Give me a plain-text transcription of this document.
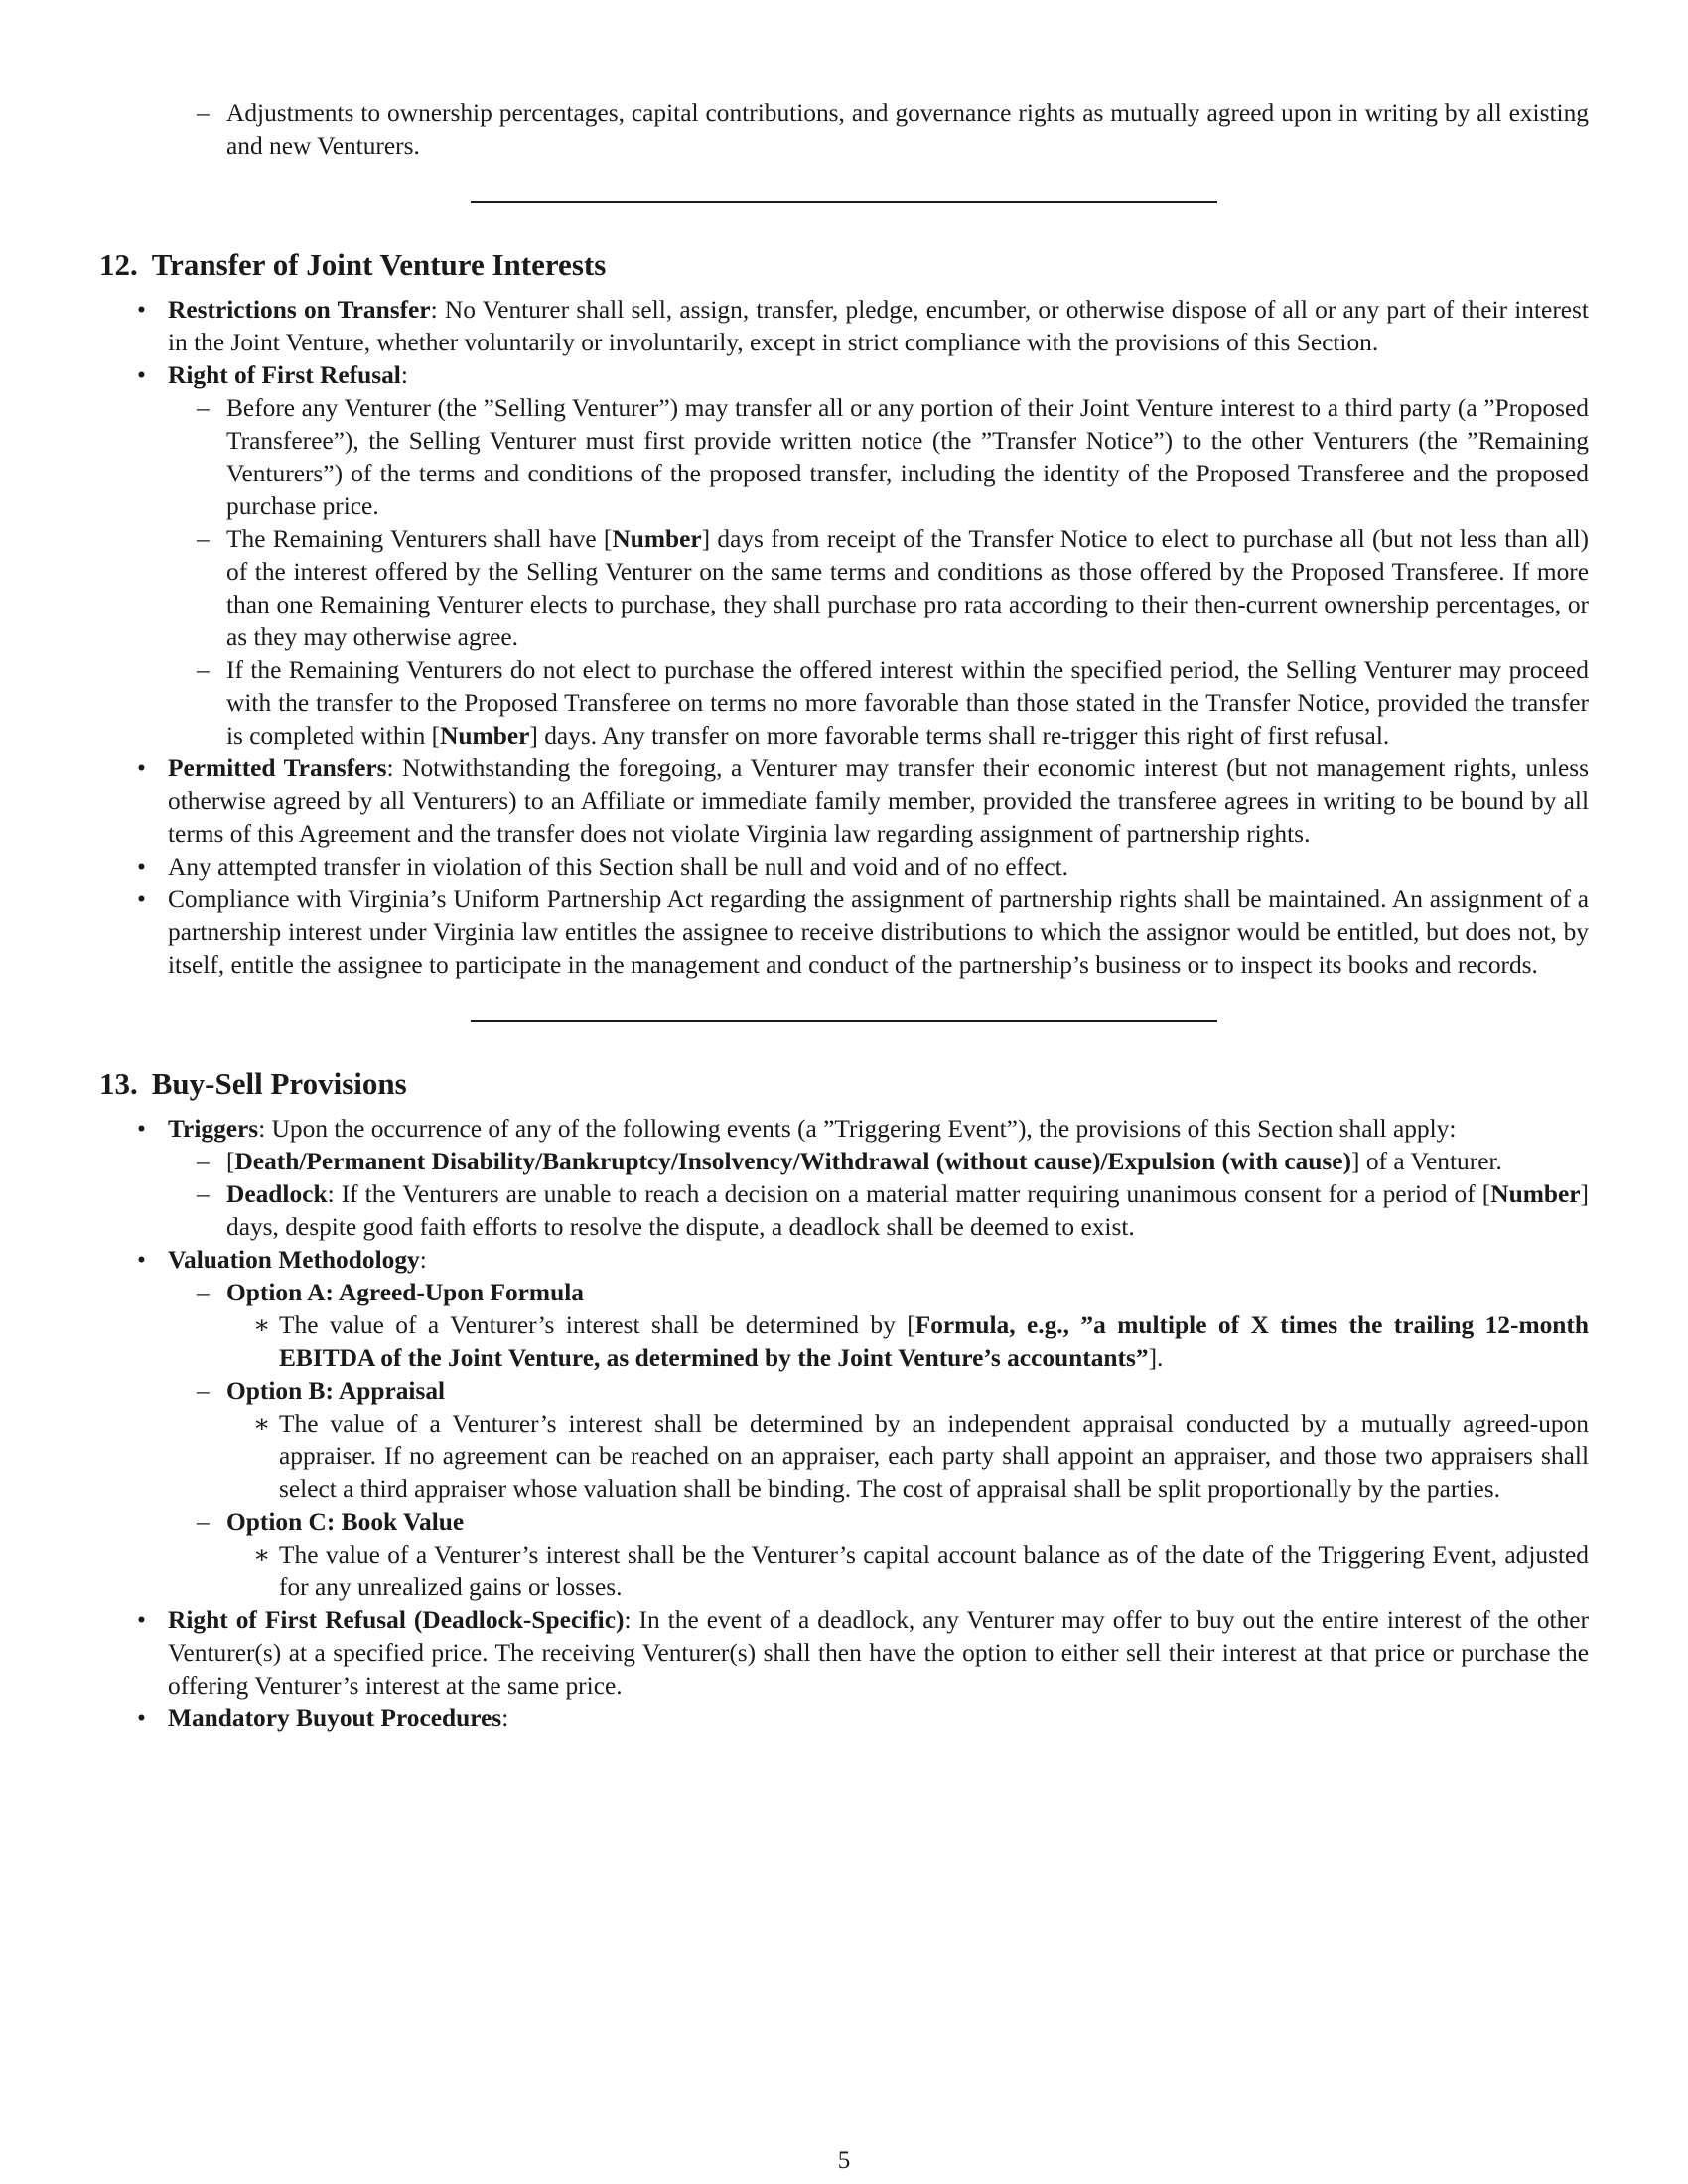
– Adjustments to ownership percentages, capital contributions, and governance rights as mutually agreed upon in writing by all existing and new Venturers.
12. Transfer of Joint Venture Interests
• Restrictions on Transfer: No Venturer shall sell, assign, transfer, pledge, encumber, or otherwise dispose of all or any part of their interest in the Joint Venture, whether voluntarily or involuntarily, except in strict compliance with the provisions of this Section.
• Right of First Refusal:
– Before any Venturer (the ”Selling Venturer”) may transfer all or any portion of their Joint Venture interest to a third party (a ”Proposed Transferee”), the Selling Venturer must first provide written notice (the ”Transfer Notice”) to the other Venturers (the ”Remaining Venturers”) of the terms and conditions of the proposed transfer, including the identity of the Proposed Transferee and the proposed purchase price.
– The Remaining Venturers shall have [Number] days from receipt of the Transfer Notice to elect to purchase all (but not less than all) of the interest offered by the Selling Venturer on the same terms and conditions as those offered by the Proposed Transferee. If more than one Remaining Venturer elects to purchase, they shall purchase pro rata according to their then-current ownership percentages, or as they may otherwise agree.
– If the Remaining Venturers do not elect to purchase the offered interest within the specified period, the Selling Venturer may proceed with the transfer to the Proposed Transferee on terms no more favorable than those stated in the Transfer Notice, provided the transfer is completed within [Number] days. Any transfer on more favorable terms shall re-trigger this right of first refusal.
• Permitted Transfers: Notwithstanding the foregoing, a Venturer may transfer their economic interest (but not management rights, unless otherwise agreed by all Venturers) to an Affiliate or immediate family member, provided the transferee agrees in writing to be bound by all terms of this Agreement and the transfer does not violate Virginia law regarding assignment of partnership rights.
• Any attempted transfer in violation of this Section shall be null and void and of no effect.
• Compliance with Virginia’s Uniform Partnership Act regarding the assignment of partnership rights shall be maintained. An assignment of a partnership interest under Virginia law entitles the assignee to receive distributions to which the assignor would be entitled, but does not, by itself, entitle the assignee to participate in the management and conduct of the partnership’s business or to inspect its books and records.
13. Buy-Sell Provisions
• Triggers: Upon the occurrence of any of the following events (a ”Triggering Event”), the provisions of this Section shall apply:
– [Death/Permanent Disability/Bankruptcy/Insolvency/Withdrawal (without cause)/Expulsion (with cause)] of a Venturer.
– Deadlock: If the Venturers are unable to reach a decision on a material matter requiring unanimous consent for a period of [Number] days, despite good faith efforts to resolve the dispute, a deadlock shall be deemed to exist.
• Valuation Methodology:
– Option A: Agreed-Upon Formula
∗ The value of a Venturer’s interest shall be determined by [Formula, e.g., ”a multiple of X times the trailing 12-month EBITDA of the Joint Venture, as determined by the Joint Venture’s accountants”].
– Option B: Appraisal
∗ The value of a Venturer’s interest shall be determined by an independent appraisal conducted by a mutually agreed-upon appraiser. If no agreement can be reached on an appraiser, each party shall appoint an appraiser, and those two appraisers shall select a third appraiser whose valuation shall be binding. The cost of appraisal shall be split proportionally by the parties.
– Option C: Book Value
∗ The value of a Venturer’s interest shall be the Venturer’s capital account balance as of the date of the Triggering Event, adjusted for any unrealized gains or losses.
• Right of First Refusal (Deadlock-Specific): In the event of a deadlock, any Venturer may offer to buy out the entire interest of the other Venturer(s) at a specified price. The receiving Venturer(s) shall then have the option to either sell their interest at that price or purchase the offering Venturer’s interest at the same price.
• Mandatory Buyout Procedures:
5
